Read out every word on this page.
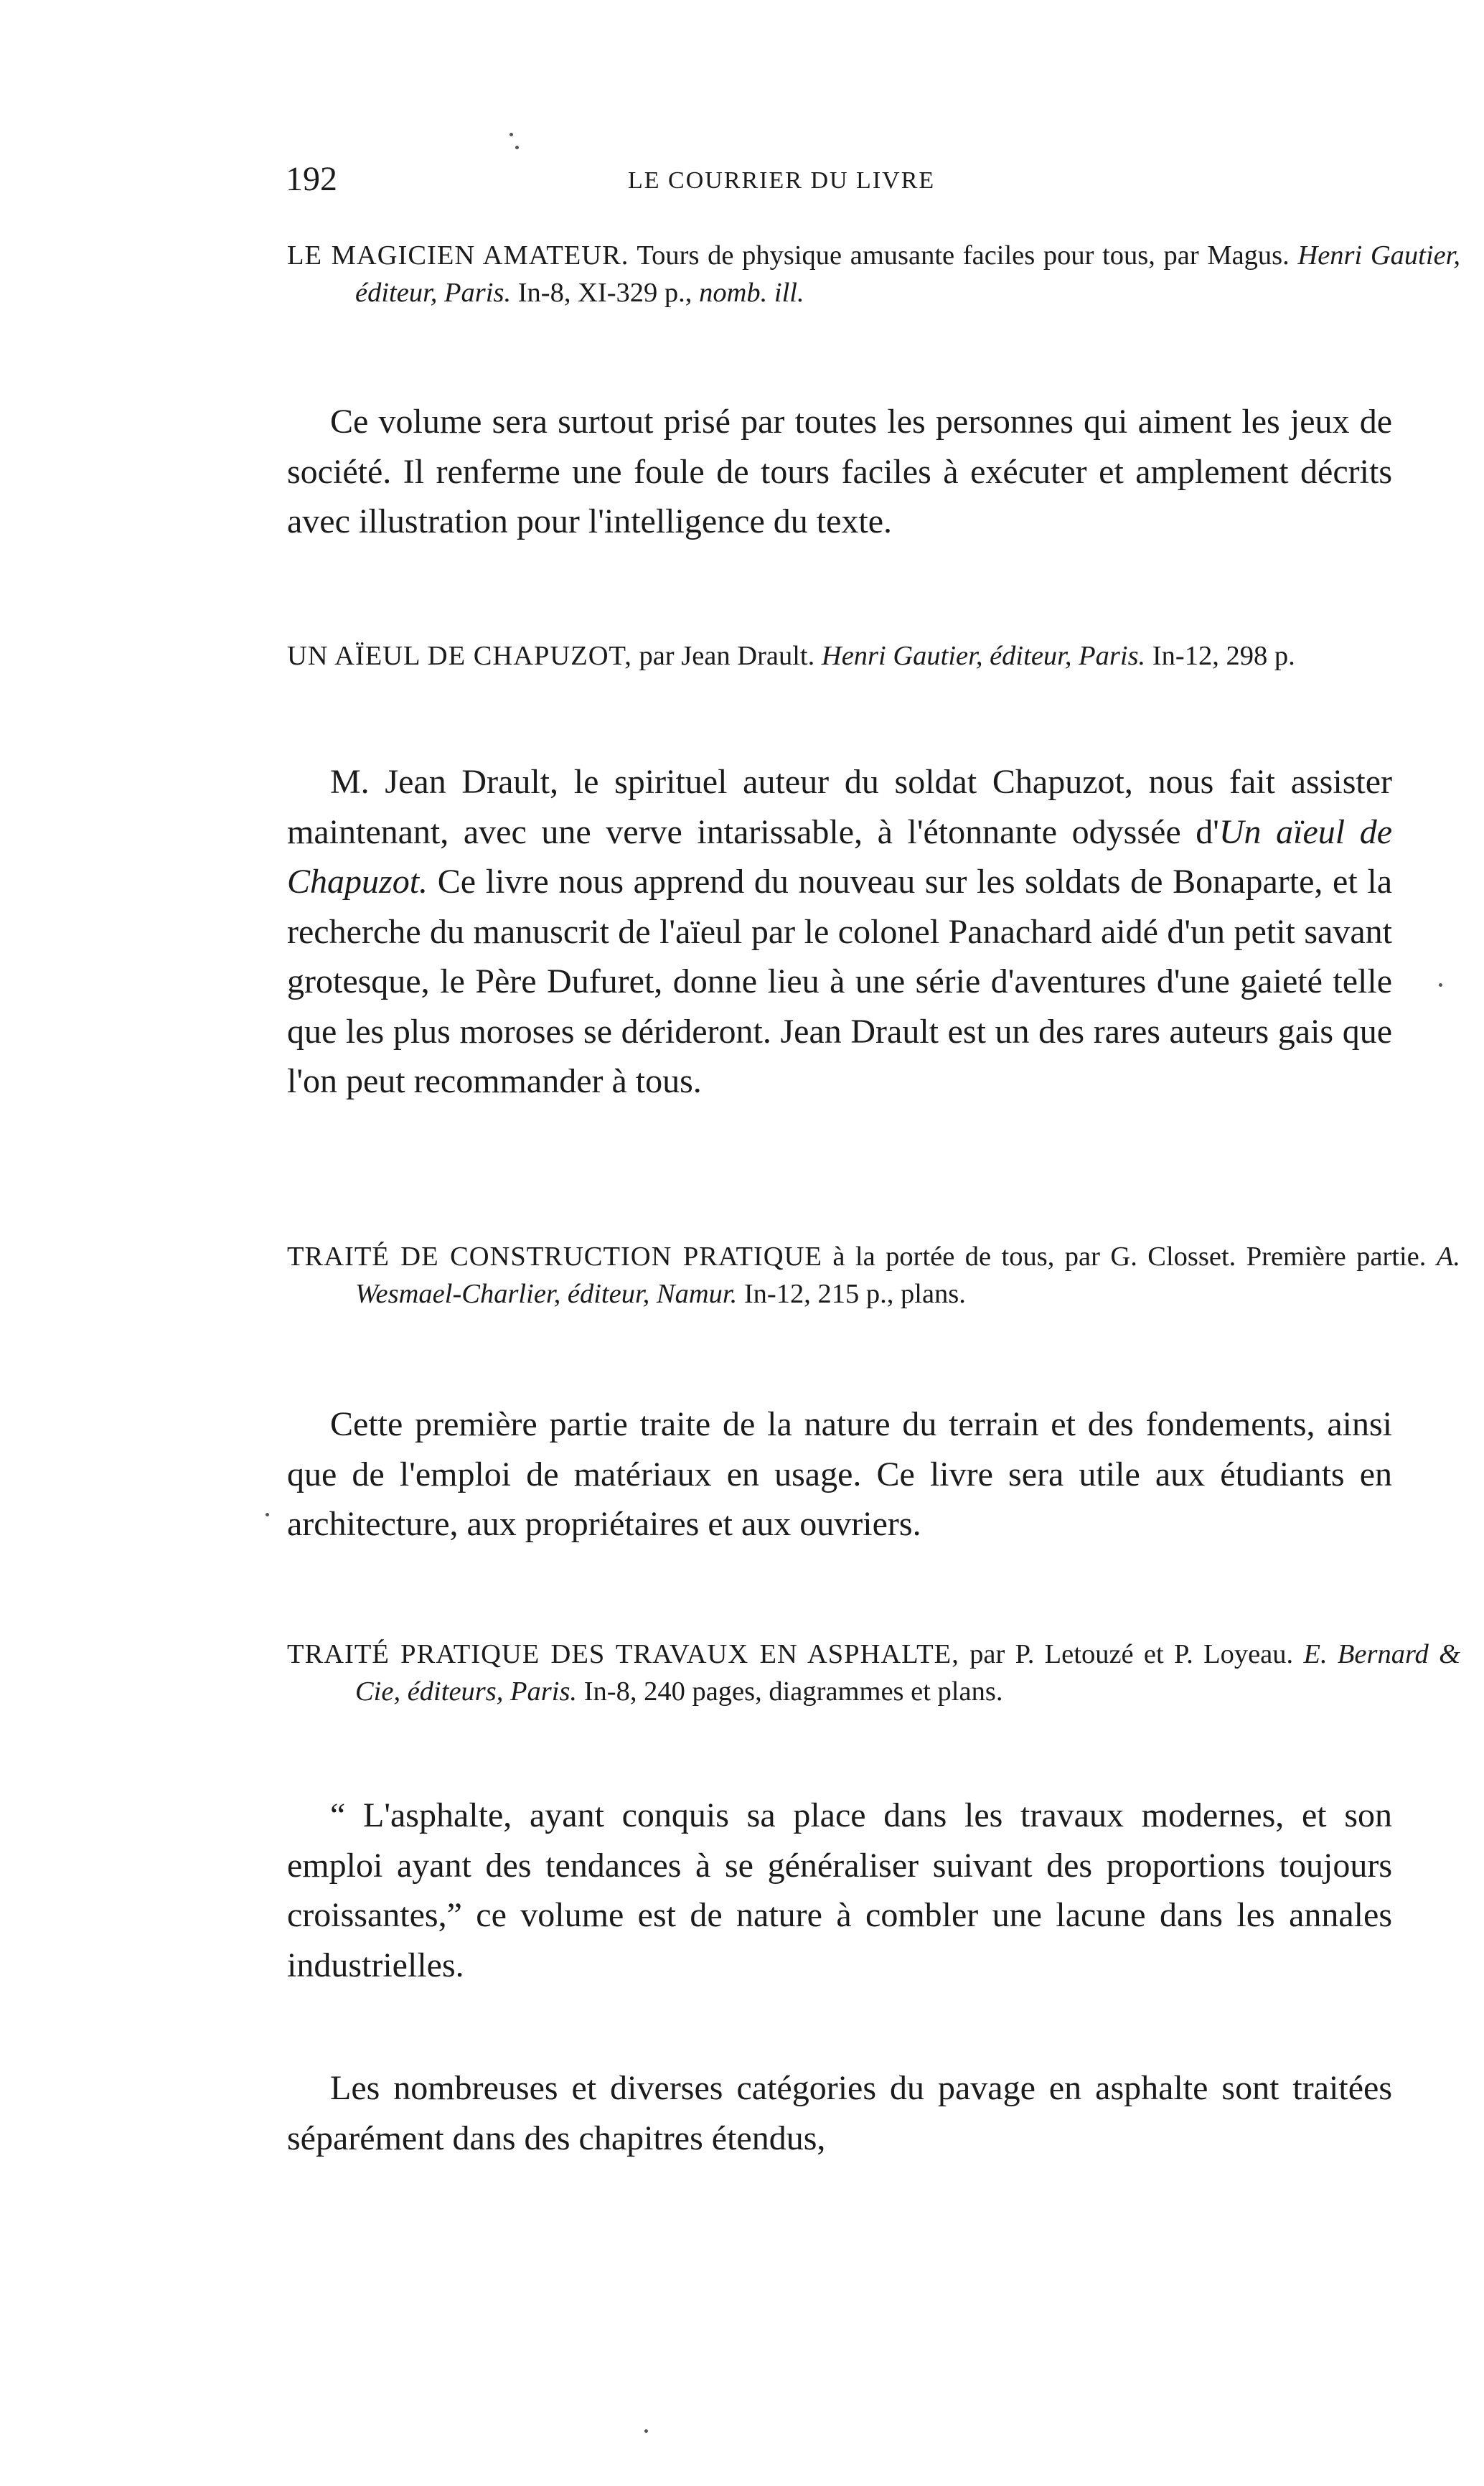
192	LE COURRIER DU LIVRE
LE MAGICIEN AMATEUR. Tours de physique amusante faciles pour tous, par Magus. Henri Gautier, éditeur, Paris. In-8, XI-329 p., nomb. ill.
Ce volume sera surtout prisé par toutes les personnes qui aiment les jeux de société. Il renferme une foule de tours faciles à exécuter et amplement décrits avec illustration pour l'intelligence du texte.
UN AÏEUL DE CHAPUZOT, par Jean Drault. Henri Gautier, éditeur, Paris. In-12, 298 p.
M. Jean Drault, le spirituel auteur du soldat Chapuzot, nous fait assister maintenant, avec une verve intarissable, à l'étonnante odyssée d'Un aïeul de Chapuzot. Ce livre nous apprend du nouveau sur les soldats de Bonaparte, et la recherche du manuscrit de l'aïeul par le colonel Panachard aidé d'un petit savant grotesque, le Père Dufuret, donne lieu à une série d'aventures d'une gaieté telle que les plus moroses se dérideront. Jean Drault est un des rares auteurs gais que l'on peut recommander à tous.
TRAITÉ DE CONSTRUCTION PRATIQUE à la portée de tous, par G. Closset. Première partie. A. Wesmael-Charlier, éditeur, Namur. In-12, 215 p., plans.
Cette première partie traite de la nature du terrain et des fondements, ainsi que de l'emploi de matériaux en usage. Ce livre sera utile aux étudiants en architecture, aux propriétaires et aux ouvriers.
TRAITÉ PRATIQUE DES TRAVAUX EN ASPHALTE, par P. Letouzé et P. Loyeau. E. Bernard & Cie, éditeurs, Paris. In-8, 240 pages, diagrammes et plans.
“ L'asphalte, ayant conquis sa place dans les travaux modernes, et son emploi ayant des tendances à se généraliser suivant des proportions toujours croissantes,” ce volume est de nature à combler une lacune dans les annales industrielles.
Les nombreuses et diverses catégories du pavage en asphalte sont traitées séparément dans des chapitres étendus,
